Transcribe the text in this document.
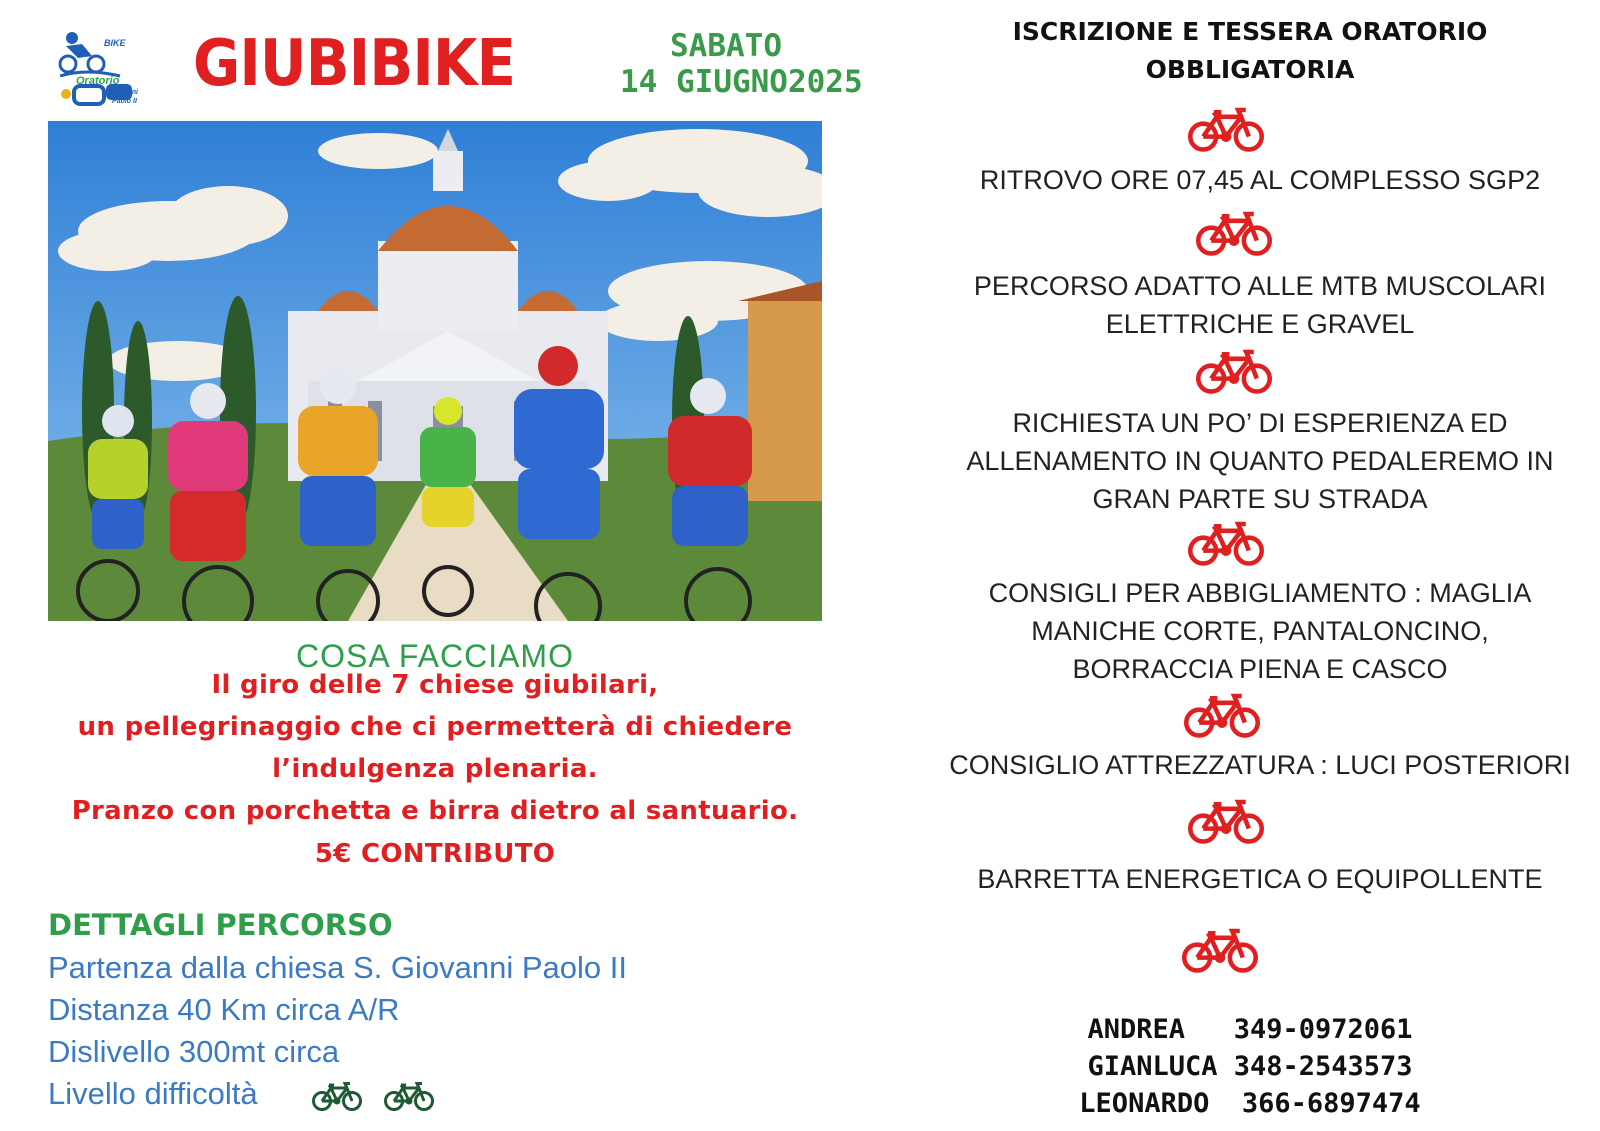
BIKE
Oratorio
Giovanni
Paolo II
GIUBIBIKE	SABATO
14 GIUGNO2025
COSA FACCIAMO
Il giro delle 7 chiese giubilari,
un pellegrinaggio che ci permetterà di chiedere
l’indulgenza plenaria.
Pranzo con porchetta e birra dietro al santuario.
5€ CONTRIBUTO
DETTAGLI PERCORSO
Partenza dalla chiesa S. Giovanni Paolo II
Distanza 40 Km circa A/R
Dislivello 300mt circa
Livello difficoltà
ISCRIZIONE E TESSERA ORATORIO
OBBLIGATORIA
RITROVO ORE 07,45 AL COMPLESSO SGP2
PERCORSO ADATTO ALLE MTB MUSCOLARI
ELETTRICHE E GRAVEL
RICHIESTA UN PO’ DI ESPERIENZA ED
ALLENAMENTO IN QUANTO PEDALEREMO IN
GRAN PARTE SU STRADA
CONSIGLI PER ABBIGLIAMENTO : MAGLIA
MANICHE CORTE, PANTALONCINO,
BORRACCIA PIENA E CASCO
CONSIGLIO ATTREZZATURA : LUCI POSTERIORI
BARRETTA ENERGETICA O EQUIPOLLENTE
ANDREA   349-0972061
GIANLUCA 348-2543573
LEONARDO  366-6897474
